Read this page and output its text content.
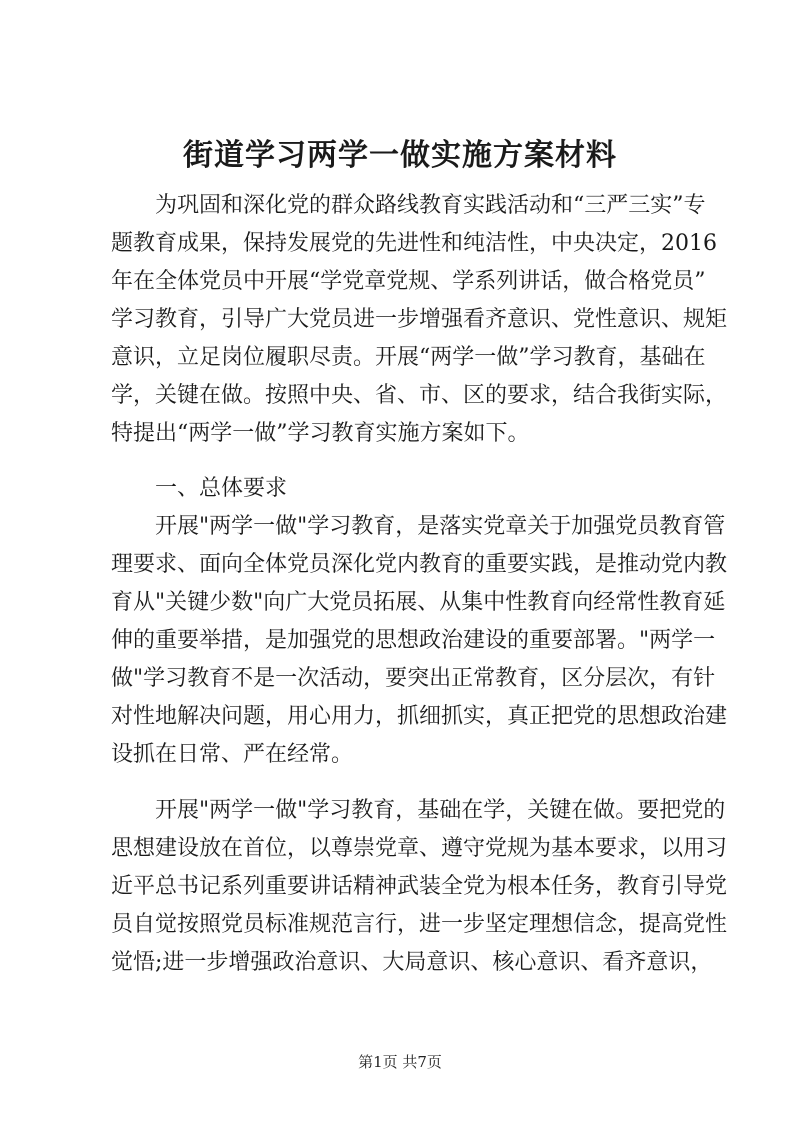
街道学习两学一做实施方案材料
为巩固和深化党的群众路线教育实践活动和“三严三实”专
题教育成果，保持发展党的先进性和纯洁性，中央决定，2016
年在全体党员中开展“学党章党规、学系列讲话，做合格党员”
学习教育，引导广大党员进一步增强看齐意识、党性意识、规矩
意识，立足岗位履职尽责。开展“两学一做”学习教育，基础在
学，关键在做。按照中央、省、市、区的要求，结合我街实际，
特提出“两学一做”学习教育实施方案如下。
一、总体要求
开展"两学一做"学习教育，是落实党章关于加强党员教育管
理要求、面向全体党员深化党内教育的重要实践，是推动党内教
育从"关键少数"向广大党员拓展、从集中性教育向经常性教育延
伸的重要举措，是加强党的思想政治建设的重要部署。"两学一
做"学习教育不是一次活动，要突出正常教育，区分层次，有针
对性地解决问题，用心用力，抓细抓实，真正把党的思想政治建
设抓在日常、严在经常。
开展"两学一做"学习教育，基础在学，关键在做。要把党的
思想建设放在首位，以尊崇党章、遵守党规为基本要求，以用习
近平总书记系列重要讲话精神武装全党为根本任务，教育引导党
员自觉按照党员标准规范言行，进一步坚定理想信念，提高党性
觉悟;进一步增强政治意识、大局意识、核心意识、看齐意识，
第1页 共7页
